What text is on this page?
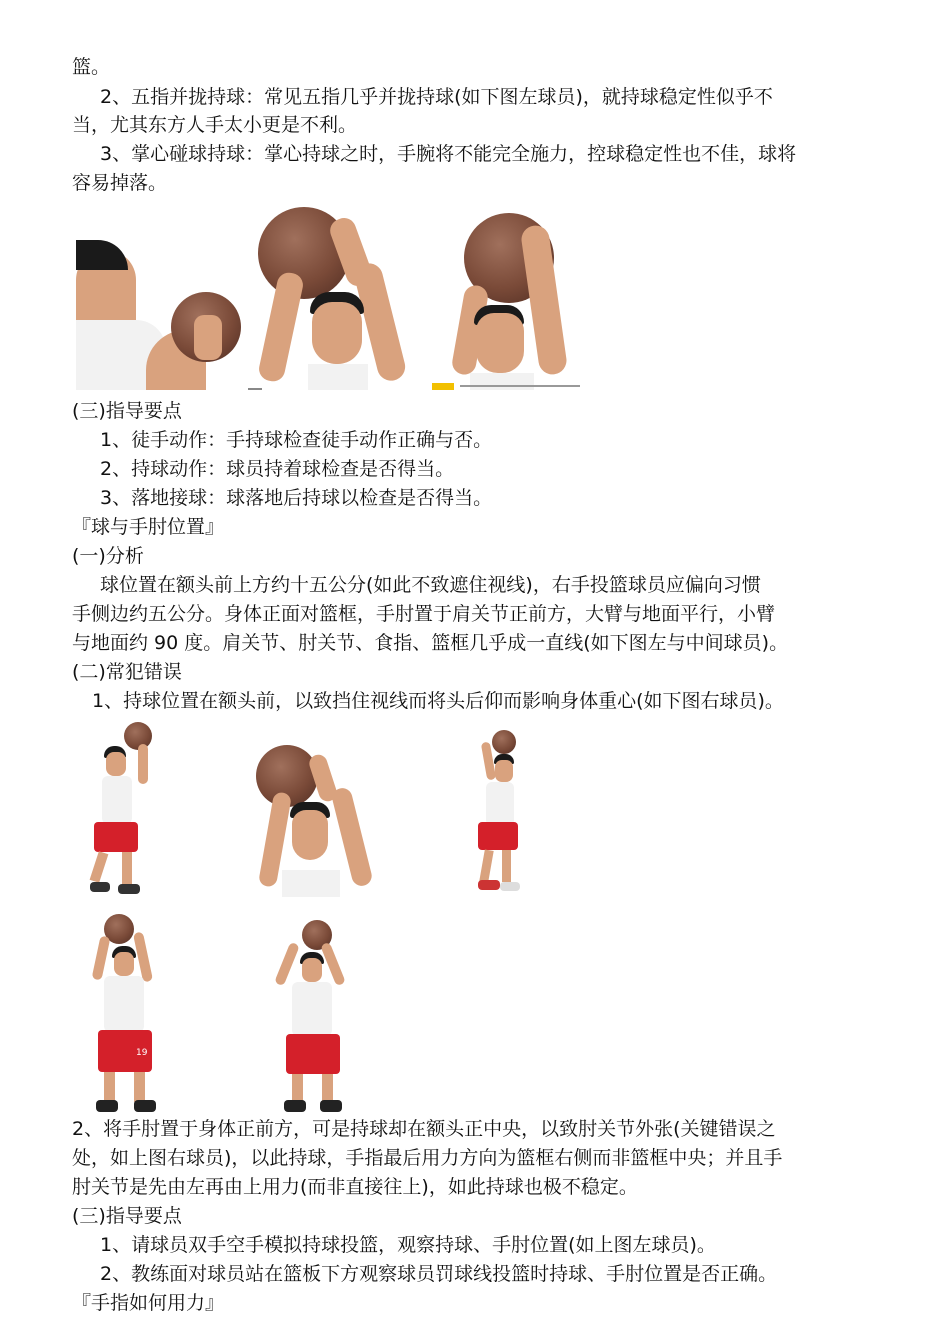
篮。
2、五指并拢持球：常见五指几乎并拢持球(如下图左球员)，就持球稳定性似乎不
当，尤其东方人手太小更是不利。
3、掌心碰球持球：掌心持球之时，手腕将不能完全施力，控球稳定性也不佳，球将
容易掉落。
(三)指导要点
1、徒手动作：手持球检查徒手动作正确与否。
2、持球动作：球员持着球检查是否得当。
3、落地接球：球落地后持球以检查是否得当。
『球与手肘位置』
(一)分析
球位置在额头前上方约十五公分(如此不致遮住视线)，右手投篮球员应偏向习惯
手侧边约五公分。身体正面对篮框，手肘置于肩关节正前方，大臂与地面平行，小臂
与地面约 90 度。肩关节、肘关节、食指、篮框几乎成一直线(如下图左与中间球员)。
(二)常犯错误
1、持球位置在额头前，以致挡住视线而将头后仰而影响身体重心(如下图右球员)。
19
2、将手肘置于身体正前方，可是持球却在额头正中央，以致肘关节外张(关键错误之
处，如上图右球员)，以此持球，手指最后用力方向为篮框右侧而非篮框中央；并且手
肘关节是先由左再由上用力(而非直接往上)，如此持球也极不稳定。
(三)指导要点
1、请球员双手空手模拟持球投篮，观察持球、手肘位置(如上图左球员)。
2、教练面对球员站在篮板下方观察球员罚球线投篮时持球、手肘位置是否正确。
『手指如何用力』
